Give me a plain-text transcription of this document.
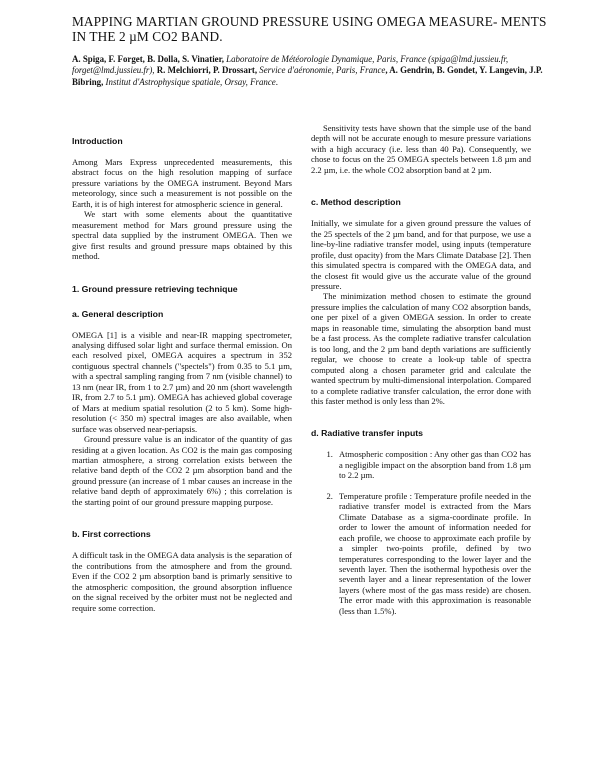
MAPPING MARTIAN GROUND PRESSURE USING OMEGA MEASURE- MENTS IN THE 2 µM CO2 BAND.

A. Spiga, F. Forget, B. Dolla, S. Vinatier, Laboratoire de Météorologie Dynamique, Paris, France (spiga@lmd.jussieu.fr, forget@lmd.jussieu.fr), R. Melchiorri, P. Drossart, Service d'aéronomie, Paris, France, A. Gendrin, B. Gondet, Y. Langevin, J.P. Bibring, Institut d'Astrophysique spatiale, Orsay, France.

Introduction

Among Mars Express unprecedented measurements, this abstract focus on the high resolution mapping of surface pressure variations by the OMEGA instrument. Beyond Mars meteorology, since such a measurement is not possible on the Earth, it is of high interest for atmospheric science in general.

We start with some elements about the quantitative measurement method for Mars ground pressure using the spectral data supplied by the instrument OMEGA. Then we give first results and ground pressure maps obtained by this method.

1. Ground pressure retrieving technique
a. General description

OMEGA [1] is a visible and near-IR mapping spectrometer, analysing diffused solar light and surface thermal emission. On each resolved pixel, OMEGA acquires a spectrum in 352 contiguous spectral channels ("spectels") from 0.35 to 5.1 µm, with a spectral sampling ranging from 7 nm (visible channel) to 13 nm (near IR, from 1 to 2.7 µm) and 20 nm (short wavelength IR, from 2.7 to 5.1 µm). OMEGA has achieved global coverage of Mars at medium spatial resolution (2 to 5 km). Some high-resolution (< 350 m) spectral images are also available, when surface was observed near-periapsis.

Ground pressure value is an indicator of the quantity of gas residing at a given location. As CO2 is the main gas composing martian atmosphere, a strong correlation exists between the relative band depth of the CO2 2 µm absorption band and the ground pressure (an increase of 1 mbar causes an increase in the relative band depth of approximately 6%) ; this correlation is the starting point of our ground pressure mapping purpose.

b. First corrections

A difficult task in the OMEGA data analysis is the separation of the contributions from the atmosphere and from the ground. Even if the CO2 2 µm absorption band is primarly sensitive to the atmospheric composition, the ground absorption influence on the signal received by the orbiter must not be neglected and require some correction.

Sensitivity tests have shown that the simple use of the band depth will not be accurate enough to mesure pressure variations with a high accuracy (i.e. less than 40 Pa). Consequently, we chose to focus on the 25 OMEGA spectels between 1.8 µm and 2.2 µm, i.e. the whole CO2 absorption band at 2 µm.

c. Method description

Initially, we simulate for a given ground pressure the values of the 25 spectels of the 2 µm band, and for that purpose, we use a line-by-line radiative transfer model, using inputs (temperature profile, dust opacity) from the Mars Climate Database [2]. Then this simulated spectra is compared with the OMEGA data, and the closest fit would give us the accurate value of the ground pressure.

The minimization method chosen to estimate the ground pressure implies the calculation of many CO2 absorption bands, one per pixel of a given OMEGA session. In order to create maps in reasonable time, simulating the absorption band must be a fast process. As the complete radiative transfer calculation is too long, and the 2 µm band depth variations are sufficiently regular, we choose to create a look-up table of spectra computed along a chosen parameter grid and calculate the wanted spectrum by multi-dimensional interpolation. Compared to a complete radiative transfer calculation, the error done with this faster method is only less than 2%.

d. Radiative transfer inputs
1. Atmospheric composition : Any other gas than CO2 has a negligible impact on the absorption band from 1.8 µm to 2.2 µm.
2. Temperature profile : Temperature profile needed in the radiative transfer model is extracted from the Mars Climate Database as a sigma-coordinate profile. In order to lower the amount of information needed for each profile, we choose to approximate each profile by a simpler two-points profile, defined by two temperatures corresponding to the lower layer and the seventh layer. Then the isothermal hypothesis over the seventh layer and a linear representation of the lower layers (where most of the gas mass reside) are chosen. The error made with this approximation is reasonable (less than 1.5%).
